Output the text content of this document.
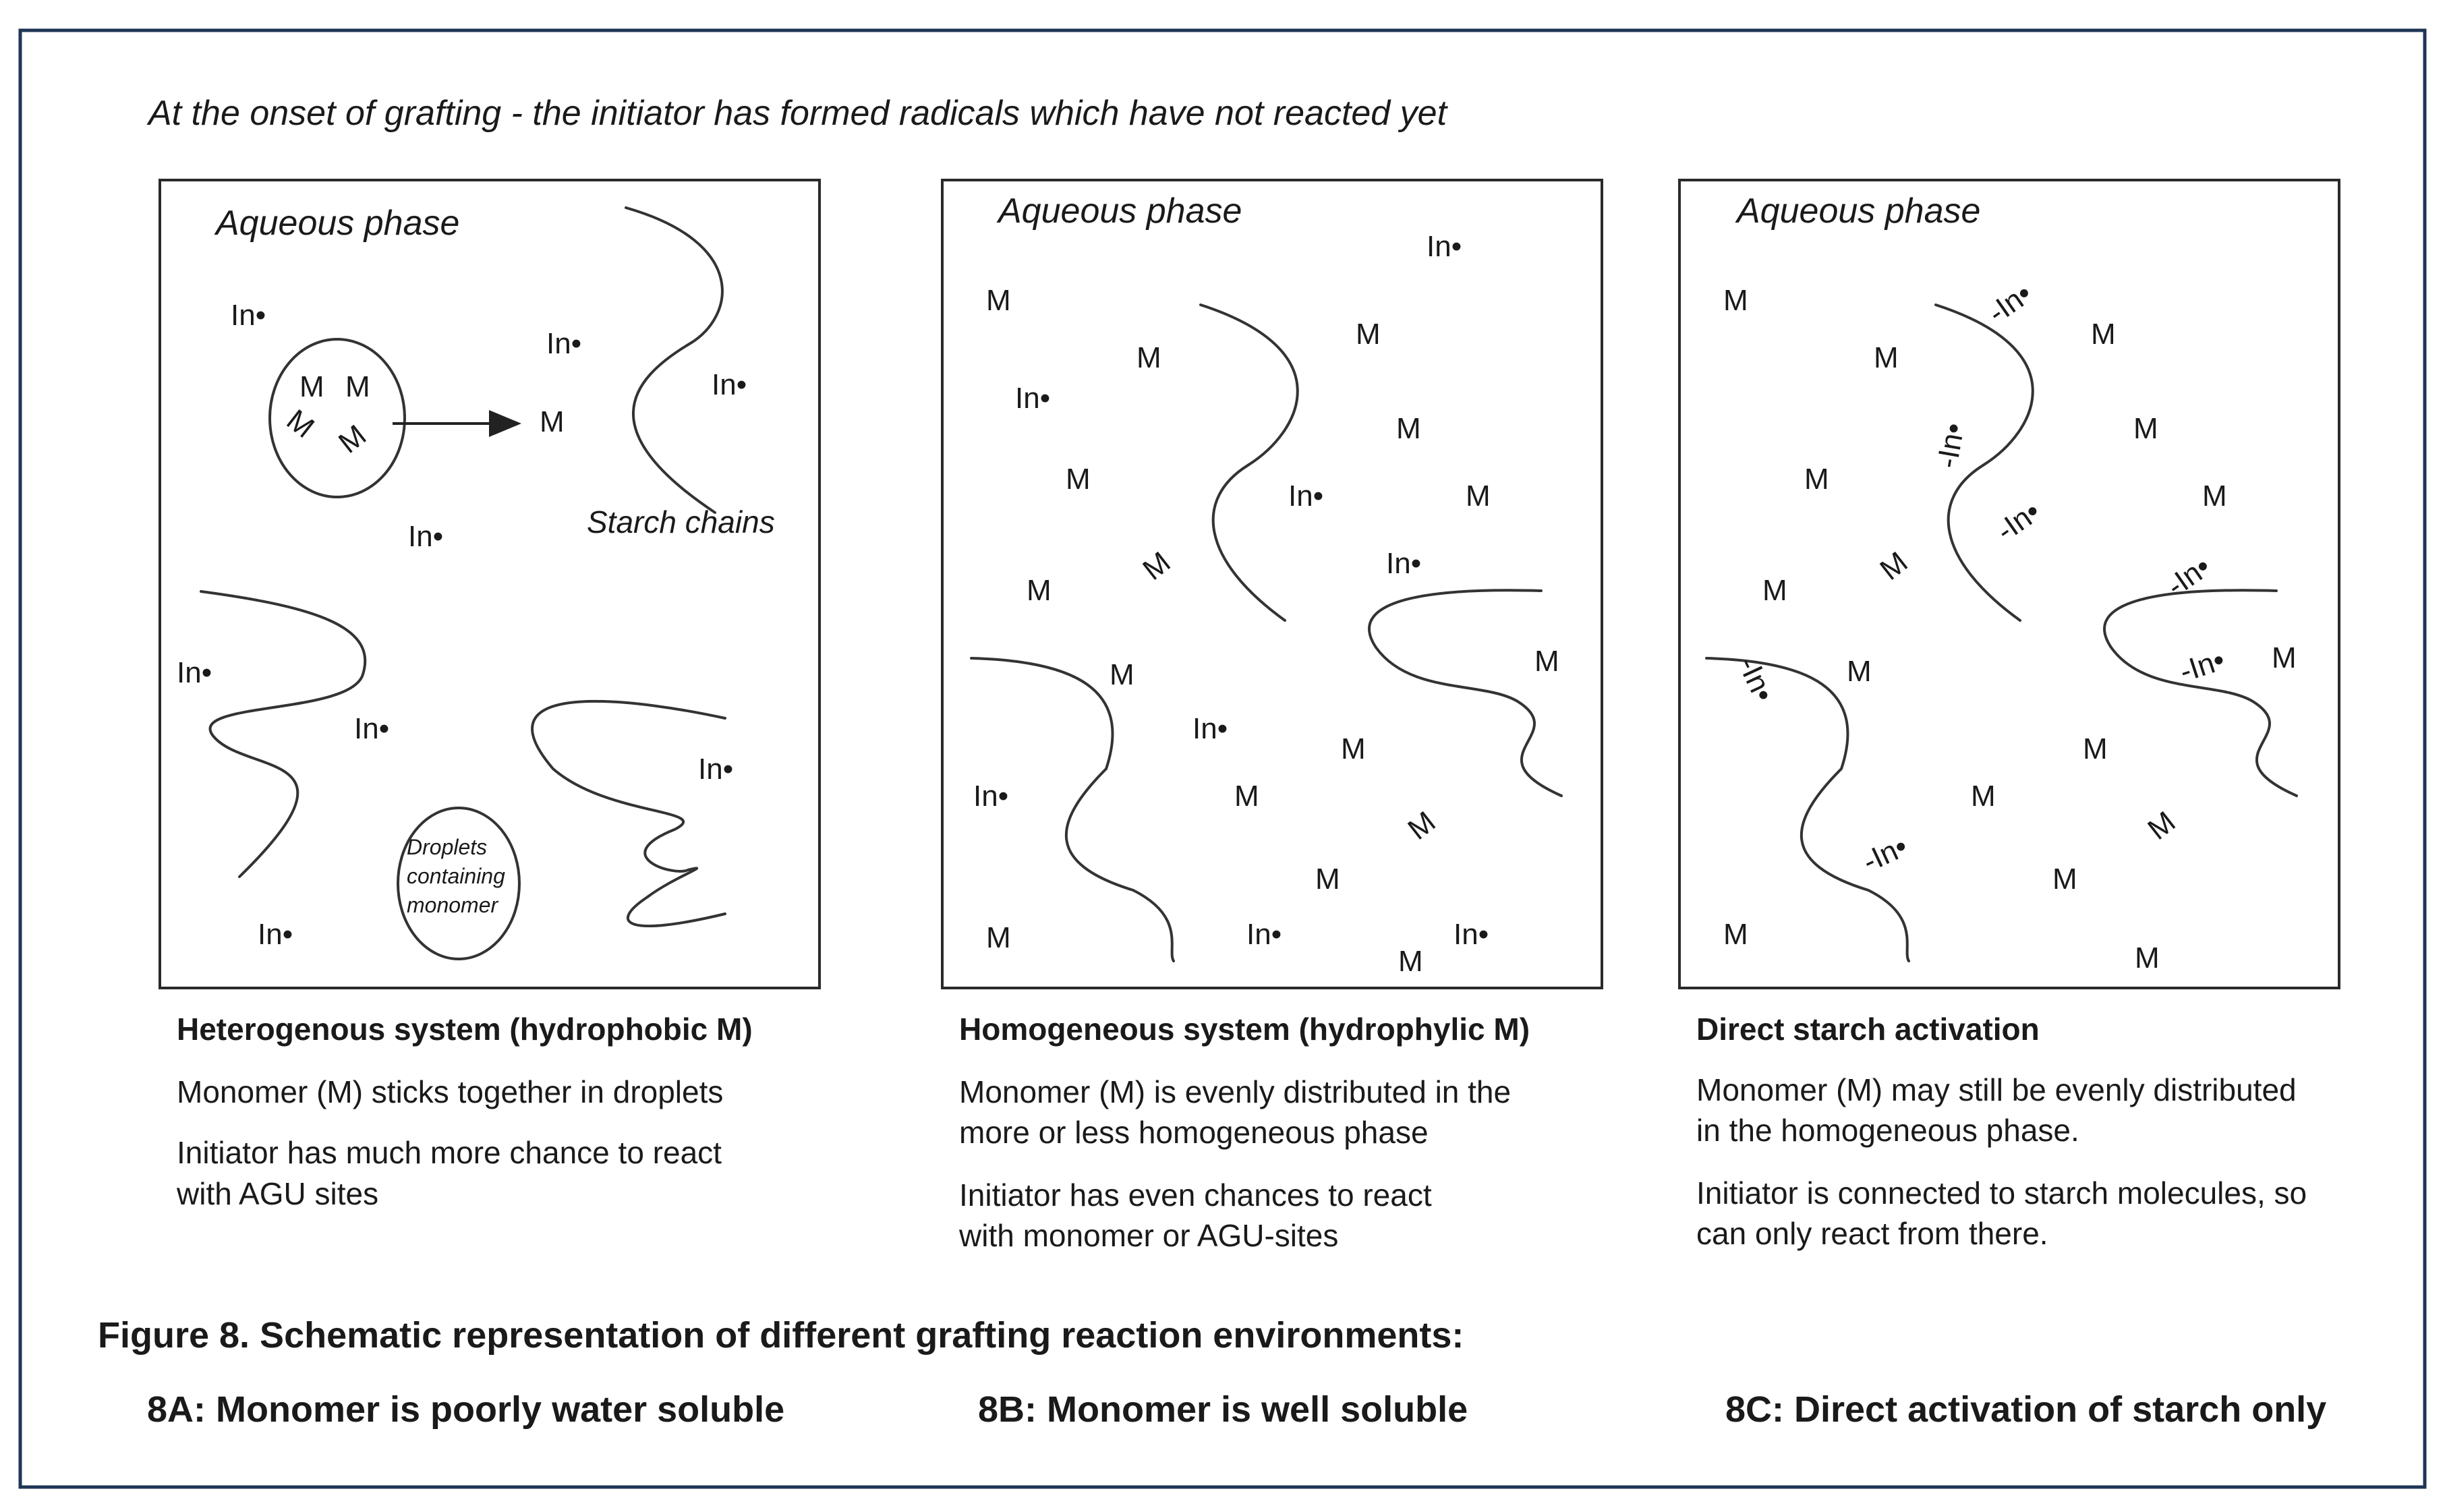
At the onset of grafting - the initiator has formed radicals which have not reacted yet
Aqueous phase
M M
M M	M
Starch chains
In•
In•
In•
In•
In•
In•
In•
In•
Droplets
containing
monomer
Aqueous phase
M
M
M
M
M
M
M
M
M	M
M
M
M
M
M
M
In•
In•
In•
In•
In•
In•
In•	In•
Aqueous phase
M
M
M
M
M
M
M
M
M	M
M
M
M
M
M
M
-In•
-In•
-In•
-In•
-In•
-In•
-In•
Heterogenous system (hydrophobic M)
Monomer (M) sticks together in droplets
Initiator has much more chance to react
with AGU sites
Homogeneous system (hydrophylic M)
Monomer (M) is evenly distributed in the
more or less homogeneous phase
Initiator has even chances to react
with monomer or AGU-sites
Direct starch activation
Monomer (M) may still be evenly distributed
in the homogeneous phase.
Initiator is connected to starch molecules, so
can only react from there.
Figure 8. Schematic representation of different grafting reaction environments:
8A: Monomer is poorly water soluble	8B: Monomer is well soluble	8C: Direct activation of starch only
